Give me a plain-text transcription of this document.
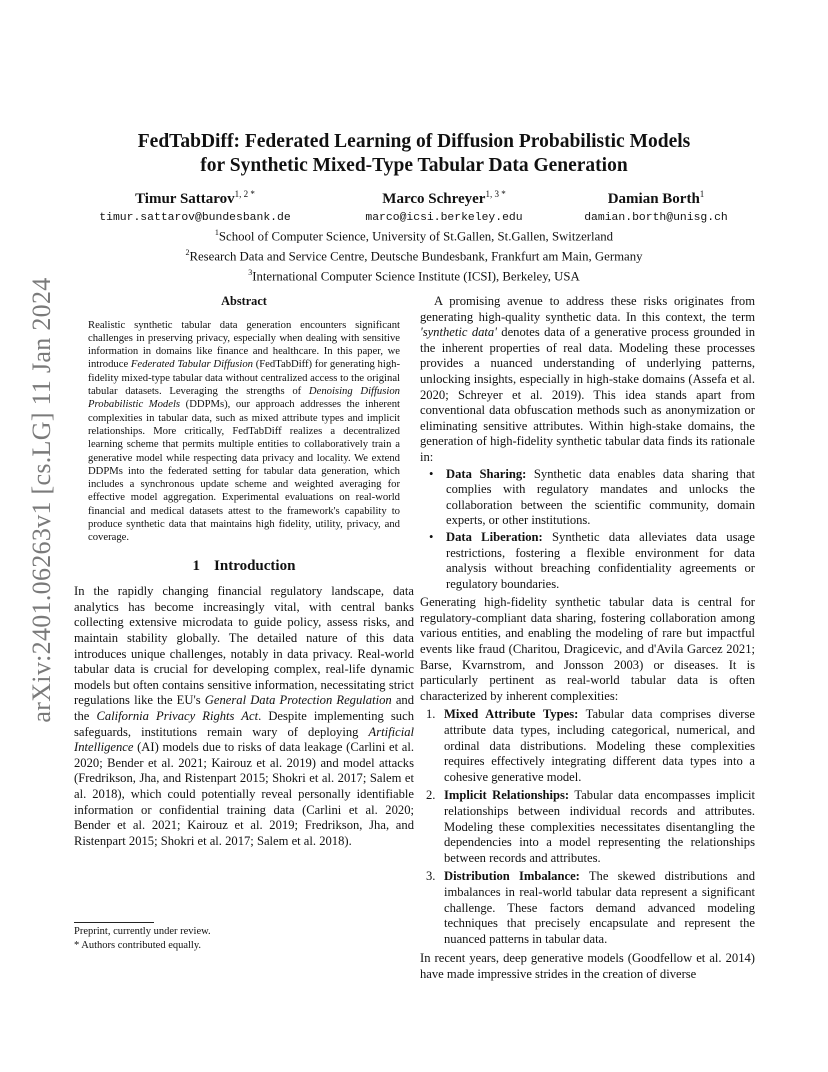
arXiv:2401.06263v1 [cs.LG] 11 Jan 2024
FedTabDiff: Federated Learning of Diffusion Probabilistic Models
for Synthetic Mixed-Type Tabular Data Generation
Timur Sattarov$^{1, 2 *}$
timur.sattarov@bundesbank.de
Marco Schreyer$^{1, 3 *}$
marco@icsi.berkeley.edu
Damian Borth$^1$
damian.borth@unisg.ch
$^1$School of Computer Science, University of St.Gallen, St.Gallen, Switzerland
$^2$Research Data and Service Centre, Deutsche Bundesbank, Frankfurt am Main, Germany
$^3$International Computer Science Institute (ICSI), Berkeley, USA
Abstract

Realistic synthetic tabular data generation encounters significant challenges in preserving privacy, especially when dealing with sensitive information in domains like finance and healthcare. In this paper, we introduce Federated Tabular Diffusion (FedTabDiff) for generating high-fidelity mixed-type tabular data without centralized access to the original tabular datasets. Leveraging the strengths of Denoising Diffusion Probabilistic Models (DDPMs), our approach addresses the inherent complexities in tabular data, such as mixed attribute types and implicit relationships. More critically, FedTabDiff realizes a decentralized learning scheme that permits multiple entities to collaboratively train a generative model while respecting data privacy and locality. We extend DDPMs into the federated setting for tabular data generation, which includes a synchronous update scheme and weighted averaging for effective model aggregation. Experimental evaluations on real-world financial and medical datasets attest to the framework's capability to produce synthetic data that maintains high fidelity, utility, privacy, and coverage.

1 Introduction

In the rapidly changing financial regulatory landscape, data analytics has become increasingly vital, with central banks collecting extensive microdata to guide policy, assess risks, and maintain stability globally. The detailed nature of this data introduces unique challenges, notably in data privacy. Real-world tabular data is crucial for developing complex, real-life dynamic models but often contains sensitive information, necessitating strict regulations like the EU's General Data Protection Regulation and the California Privacy Rights Act. Despite implementing such safeguards, institutions remain wary of deploying Artificial Intelligence (AI) models due to risks of data leakage (Carlini et al. 2020; Bender et al. 2021; Kairouz et al. 2019) and model attacks (Fredrikson, Jha, and Ristenpart 2015; Shokri et al. 2017; Salem et al. 2018), which could potentially reveal personally identifiable information or confidential training data (Carlini et al. 2020; Bender et al. 2021; Kairouz et al. 2019; Fredrikson, Jha, and Ristenpart 2015; Shokri et al. 2017; Salem et al. 2018).

Preprint, currently under review.
* Authors contributed equally.

A promising avenue to address these risks originates from generating high-quality synthetic data. In this context, the term 'synthetic data' denotes data of a generative process grounded in the inherent properties of real data. Modeling these processes provides a nuanced understanding of underlying patterns, unlocking insights, especially in high-stake domains (Assefa et al. 2020; Schreyer et al. 2019). This idea stands apart from conventional data obfuscation methods such as anonymization or eliminating sensitive attributes. Within high-stake domains, the generation of high-fidelity synthetic tabular data finds its rationale in:

• Data Sharing: Synthetic data enables data sharing that complies with regulatory mandates and unlocks the collaboration between the scientific community, domain experts, or other institutions.
• Data Liberation: Synthetic data alleviates data usage restrictions, fostering a flexible environment for data analysis without breaching confidentiality agreements or regulatory boundaries.

Generating high-fidelity synthetic tabular data is central for regulatory-compliant data sharing, fostering collaboration among various entities, and enabling the modeling of rare but impactful events like fraud (Charitou, Dragicevic, and d'Avila Garcez 2021; Barse, Kvarnstrom, and Jonsson 2003) or diseases. It is particularly pertinent as real-world tabular data is often characterized by inherent complexities:

1. Mixed Attribute Types: Tabular data comprises diverse attribute data types, including categorical, numerical, and ordinal data distributions. Modeling these complexities requires effectively integrating different data types into a cohesive generative model.
2. Implicit Relationships: Tabular data encompasses implicit relationships between individual records and attributes. Modeling these complexities necessitates disentangling the dependencies into a model representing the relationships between records and attributes.
3. Distribution Imbalance: The skewed distributions and imbalances in real-world tabular data represent a significant challenge. These factors demand advanced modeling techniques that precisely encapsulate and represent the nuanced patterns in tabular data.

In recent years, deep generative models (Goodfellow et al. 2014) have made impressive strides in the creation of diverse
